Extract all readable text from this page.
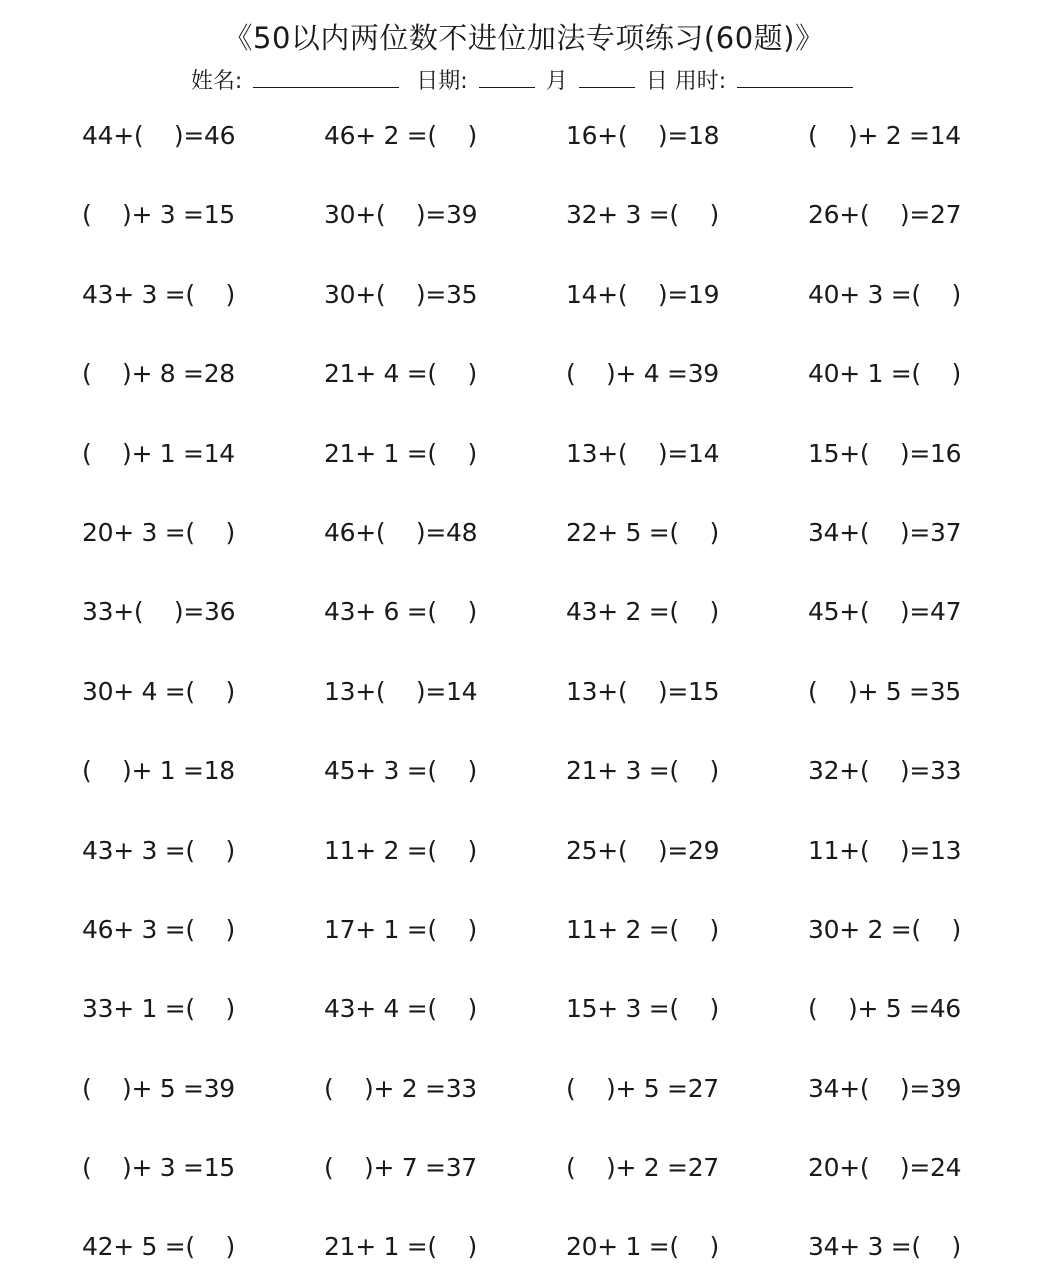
《50以内两位数不进位加法专项练习(60题)》
姓名:	日期:	月	日 用时:
44+(    )=46	46+ 2 =(    )	16+(    )=18	(    )+ 2 =14
(    )+ 3 =15	30+(    )=39	32+ 3 =(    )	26+(    )=27
43+ 3 =(    )	30+(    )=35	14+(    )=19	40+ 3 =(    )
(    )+ 8 =28	21+ 4 =(    )	(    )+ 4 =39	40+ 1 =(    )
(    )+ 1 =14	21+ 1 =(    )	13+(    )=14	15+(    )=16
20+ 3 =(    )	46+(    )=48	22+ 5 =(    )	34+(    )=37
33+(    )=36	43+ 6 =(    )	43+ 2 =(    )	45+(    )=47
30+ 4 =(    )	13+(    )=14	13+(    )=15	(    )+ 5 =35
(    )+ 1 =18	45+ 3 =(    )	21+ 3 =(    )	32+(    )=33
43+ 3 =(    )	11+ 2 =(    )	25+(    )=29	11+(    )=13
46+ 3 =(    )	17+ 1 =(    )	11+ 2 =(    )	30+ 2 =(    )
33+ 1 =(    )	43+ 4 =(    )	15+ 3 =(    )	(    )+ 5 =46
(    )+ 5 =39	(    )+ 2 =33	(    )+ 5 =27	34+(    )=39
(    )+ 3 =15	(    )+ 7 =37	(    )+ 2 =27	20+(    )=24
42+ 5 =(    )	21+ 1 =(    )	20+ 1 =(    )	34+ 3 =(    )
